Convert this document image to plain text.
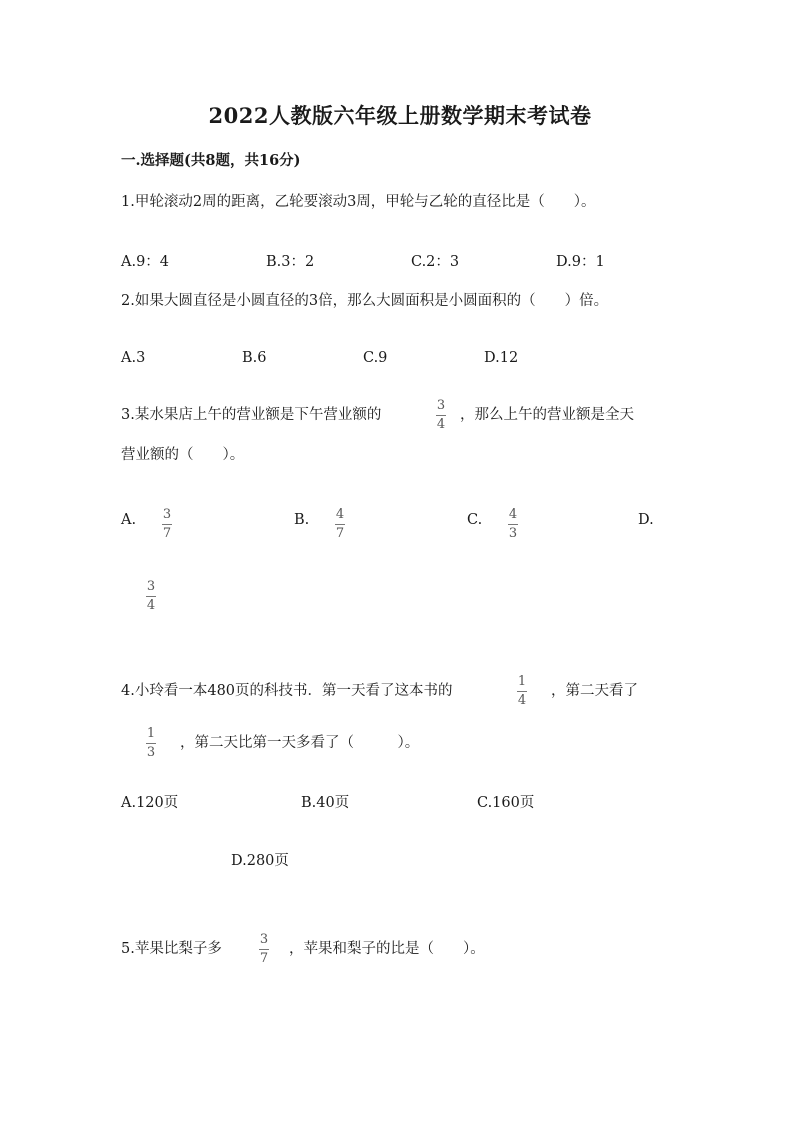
2022人教版六年级上册数学期末考试卷
一.选择题(共8题，共16分)
1.甲轮滚动2周的距离，乙轮要滚动3周，甲轮与乙轮的直径比是（　　）。
A.9：4	B.3：2	C.2：3	D.9：1
2.如果大圆直径是小圆直径的3倍，那么大圆面积是小圆面积的（　　）倍。
A.3	B.6	C.9	D.12
3.某水果店上午的营业额是下午营业额的
3
4
，那么上午的营业额是全天
营业额的（　　）。
A. 3
7
B. 4
7
C. 4
3
D.
3
4
4.小玲看一本480页的科技书．第一天看了这本书的
1
4
，第二天看了
1
3
，第二天比第一天多看了（　　　）。
A.120页	B.40页	C.160页
D.280页
5.苹果比梨子多
3
7
，苹果和梨子的比是（　　）。
